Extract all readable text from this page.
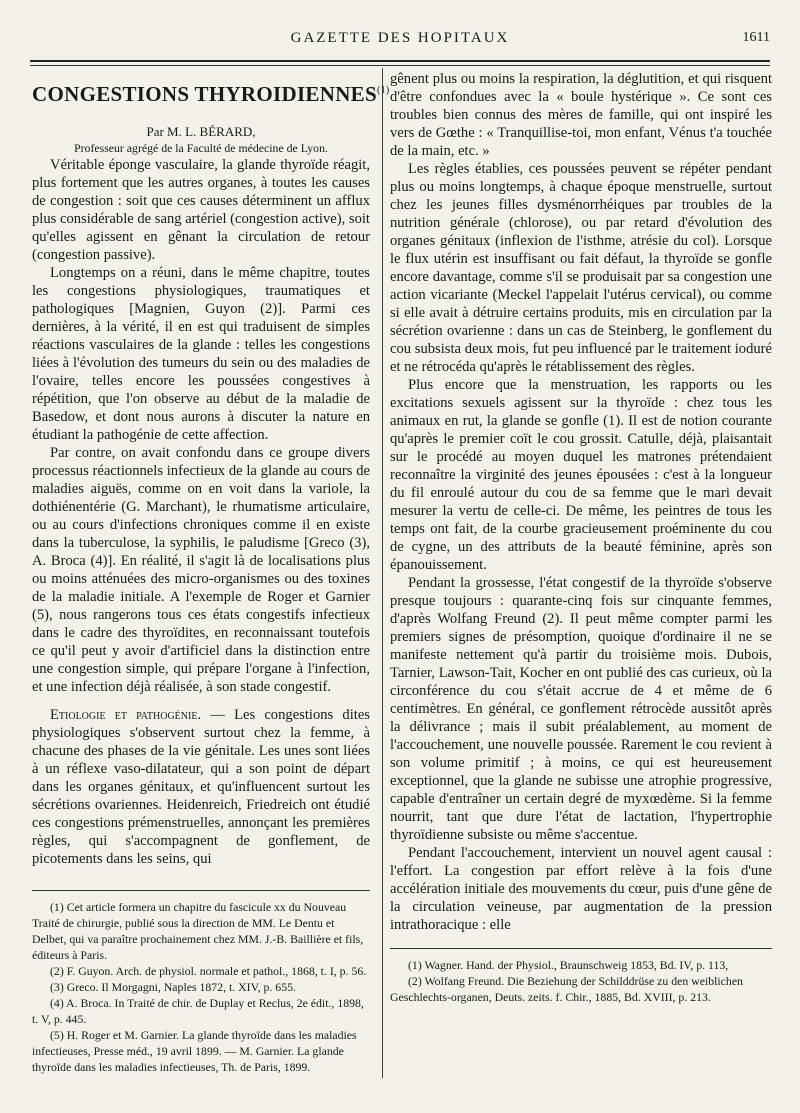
GAZETTE DES HOPITAUX	1611
CONGESTIONS THYROIDIENNES$^{(1)}$

Par M. L. BÉRARD,

Professeur agrégé de la Faculté de médecine de Lyon.

Véritable éponge vasculaire, la glande thyroïde réagit, plus fortement que les autres organes, à toutes les causes de congestion : soit que ces causes déterminent un afflux plus considérable de sang artériel (congestion active), soit qu'elles agissent en gênant la circulation de retour (congestion passive).

Longtemps on a réuni, dans le même chapitre, toutes les congestions physiologiques, traumatiques et pathologiques [Magnien, Guyon (2)]. Parmi ces dernières, à la vérité, il en est qui traduisent de simples réactions vasculaires de la glande : telles les congestions liées à l'évolution des tumeurs du sein ou des maladies de l'ovaire, telles encore les poussées congestives à répétition, que l'on observe au début de la maladie de Basedow, et dont nous aurons à discuter la nature en étudiant la pathogénie de cette affection.

Par contre, on avait confondu dans ce groupe divers processus réactionnels infectieux de la glande au cours de maladies aiguës, comme on en voit dans la variole, la dothiénentérie (G. Marchant), le rhumatisme articulaire, ou au cours d'infections chroniques comme il en existe dans la tuberculose, la syphilis, le paludisme [Greco (3), A. Broca (4)]. En réalité, il s'agit là de localisations plus ou moins atténuées des micro-organismes ou des toxines de la maladie initiale. A l'exemple de Roger et Garnier (5), nous rangerons tous ces états congestifs infectieux dans le cadre des thyroïdites, en reconnaissant toutefois ce qu'il peut y avoir d'artificiel dans la distinction entre une congestion simple, qui prépare l'organe à l'infection, et une infection déjà réalisée, à son stade congestif.

Etiologie et pathogénie. — Les congestions dites physiologiques s'observent surtout chez la femme, à chacune des phases de la vie génitale. Les unes sont liées à un réflexe vaso-dilatateur, qui a son point de départ dans les organes génitaux, et qu'influencent surtout les sécrétions ovariennes. Heidenreich, Friedreich ont étudié ces congestions prémenstruelles, annonçant les premières règles, qui s'accompagnent de gonflement, de picotements dans les seins, qui

(1) Cet article formera un chapitre du fascicule xx du Nouveau Traité de chirurgie, publié sous la direction de MM. Le Dentu et Delbet, qui va paraître prochainement chez MM. J.-B. Baillière et fils, éditeurs à Paris.

(2) F. Guyon. Arch. de physiol. normale et pathol., 1868, t. I, p. 56.

(3) Greco. Il Morgagni, Naples 1872, t. XIV, p. 655.

(4) A. Broca. In Traité de chir. de Duplay et Reclus, 2e édit., 1898, t. V, p. 445.

(5) H. Roger et M. Garnier. La glande thyroïde dans les maladies infectieuses, Presse méd., 19 avril 1899. — M. Garnier. La glande thyroïde dans les maladies infectieuses, Th. de Paris, 1899.

gênent plus ou moins la respiration, la déglutition, et qui risquent d'être confondues avec la « boule hystérique ». Ce sont ces troubles bien connus des mères de famille, qui ont inspiré les vers de Gœthe : « Tranquillise-toi, mon enfant, Vénus t'a touchée de la main, etc. »

Les règles établies, ces poussées peuvent se répéter pendant plus ou moins longtemps, à chaque époque menstruelle, surtout chez les jeunes filles dysménorrhéiques par troubles de la nutrition générale (chlorose), ou par retard d'évolution des organes génitaux (inflexion de l'isthme, atrésie du col). Lorsque le flux utérin est insuffisant ou fait défaut, la thyroïde se gonfle encore davantage, comme s'il se produisait par sa congestion une action vicariante (Meckel l'appelait l'utérus cervical), ou comme si elle avait à détruire certains produits, mis en circulation par la sécrétion ovarienne : dans un cas de Steinberg, le gonflement du cou subsista deux mois, fut peu influencé par le traitement ioduré et ne rétrocéda qu'après le rétablissement des règles.

Plus encore que la menstruation, les rapports ou les excitations sexuels agissent sur la thyroïde : chez tous les animaux en rut, la glande se gonfle (1). Il est de notion courante qu'après le premier coït le cou grossit. Catulle, déjà, plaisantait sur le procédé au moyen duquel les matrones prétendaient reconnaître la virginité des jeunes épousées : c'est à la longueur du fil enroulé autour du cou de sa femme que le mari devait mesurer la vertu de celle-ci. De même, les peintres de tous les temps ont fait, de la courbe gracieusement proéminente du cou de cygne, un des attributs de la beauté féminine, après son épanouissement.

Pendant la grossesse, l'état congestif de la thyroïde s'observe presque toujours : quarante-cinq fois sur cinquante femmes, d'après Wolfang Freund (2). Il peut même compter parmi les premiers signes de présomption, quoique d'ordinaire il ne se manifeste nettement qu'à partir du troisième mois. Dubois, Tarnier, Lawson-Tait, Kocher en ont publié des cas curieux, où la circonférence du cou s'était accrue de 4 et même de 6 centimètres. En général, ce gonflement rétrocède aussitôt après la délivrance ; mais il subit préalablement, au moment de l'accouchement, une nouvelle poussée. Rarement le cou revient à son volume primitif ; à moins, ce qui est heureusement exceptionnel, que la glande ne subisse une atrophie progressive, capable d'entraîner un certain degré de myxœdème. Si la femme nourrit, tant que dure l'état de lactation, l'hypertrophie thyroïdienne subsiste ou même s'accentue.

Pendant l'accouchement, intervient un nouvel agent causal : l'effort. La congestion par effort relève à la fois d'une accélération initiale des mouvements du cœur, puis d'une gêne de la circulation veineuse, par augmentation de la pression intrathoracique : elle

(1) Wagner. Hand. der Physiol., Braunschweig 1853, Bd. IV, p. 113,

(2) Wolfang Freund. Die Beziehung der Schilddrüse zu den weiblichen Geschlechts-organen, Deuts. zeits. f. Chir., 1885, Bd. XVIII, p. 213.
